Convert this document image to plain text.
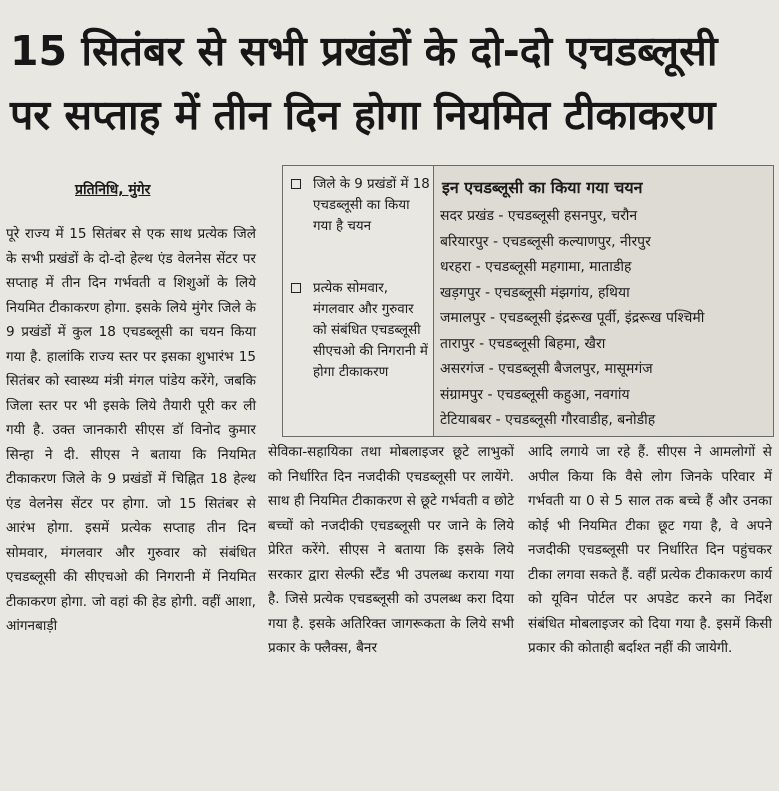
15 सितंबर से सभी प्रखंडों के दो-दो एचडब्लूसी
पर सप्ताह में तीन दिन होगा नियमित टीकाकरण
प्रतिनिधि, मुंगेर

पूरे राज्य में 15 सितंबर से एक साथ प्रत्येक जिले के सभी प्रखंडों के दो-दो हेल्थ एंड वेलनेस सेंटर पर सप्ताह में तीन दिन गर्भवती व शिशुओं के लिये नियमित टीकाकरण होगा. इसके लिये मुंगेर जिले के 9 प्रखंडों में कुल 18 एचडब्लूसी का चयन किया गया है. हालांकि राज्य स्तर पर इसका शुभारंभ 15 सितंबर को स्वास्थ्य मंत्री मंगल पांडेय करेंगे, जबकि जिला स्तर पर भी इसके लिये तैयारी पूरी कर ली गयी है. उक्त जानकारी सीएस डॉ विनोद कुमार सिन्हा ने दी. सीएस ने बताया कि नियमित टीकाकरण जिले के 9 प्रखंडों में चिह्नित 18 हेल्थ एंड वेलनेस सेंटर पर होगा. जो 15 सितंबर से आरंभ होगा. इसमें प्रत्येक सप्ताह तीन दिन सोमवार, मंगलवार और गुरुवार को संबंधित एचडब्लूसी की सीएचओ की निगरानी में नियमित टीकाकरण होगा. जो वहां की हेड होगी. वहीं आशा, आंगनबाड़ी

जिले के 9 प्रखंडों में 18 एचडब्लूसी का किया गया है चयन
प्रत्येक सोमवार, मंगलवार और गुरुवार को संबंधित एचडब्लूसी सीएचओ की निगरानी में होगा टीकाकरण
इन एचडब्लूसी का किया गया चयन
सदर प्रखंड - एचडब्लूसी हसनपुर, चरौन
बरियारपुर - एचडब्लूसी कल्याणपुर, नीरपुर
धरहरा - एचडब्लूसी महगामा, माताडीह
खड़गपुर - एचडब्लूसी मंझगांय, हथिया
जमालपुर - एचडब्लूसी इंद्ररूख पूर्वी, इंद्ररूख पश्चिमी
तारापुर - एचडब्लूसी बिहमा, खैरा
असरगंज - एचडब्लूसी बैजलपुर, मासूमगंज
संग्रामपुर - एचडब्लूसी कहुआ, नवगांय
टेटियाबबर - एचडब्लूसी गौरवाडीह, बनोडीह

सेविका-सहायिका तथा मोबलाइजर छूटे लाभुकों को निर्धारित दिन नजदीकी एचडब्लूसी पर लायेंगे. साथ ही नियमित टीकाकरण से छूटे गर्भवती व छोटे बच्चों को नजदीकी एचडब्लूसी पर जाने के लिये प्रेरित करेंगे. सीएस ने बताया कि इसके लिये सरकार द्वारा सेल्फी स्टैंड भी उपलब्ध कराया गया है. जिसे प्रत्येक एचडब्लूसी को उपलब्ध करा दिया गया है. इसके अतिरिक्त जागरूकता के लिये सभी प्रकार के फ्लैक्स, बैनर

आदि लगाये जा रहे हैं. सीएस ने आमलोगों से अपील किया कि वैसे लोग जिनके परिवार में गर्भवती या 0 से 5 साल तक बच्चे हैं और उनका कोई भी नियमित टीका छूट गया है, वे अपने नजदीकी एचडब्लूसी पर निर्धारित दिन पहुंचकर टीका लगवा सकते हैं. वहीं प्रत्येक टीकाकरण कार्य को यूविन पोर्टल पर अपडेट करने का निर्देश संबंधित मोबलाइजर को दिया गया है. इसमें किसी प्रकार की कोताही बर्दाश्त नहीं की जायेगी.
